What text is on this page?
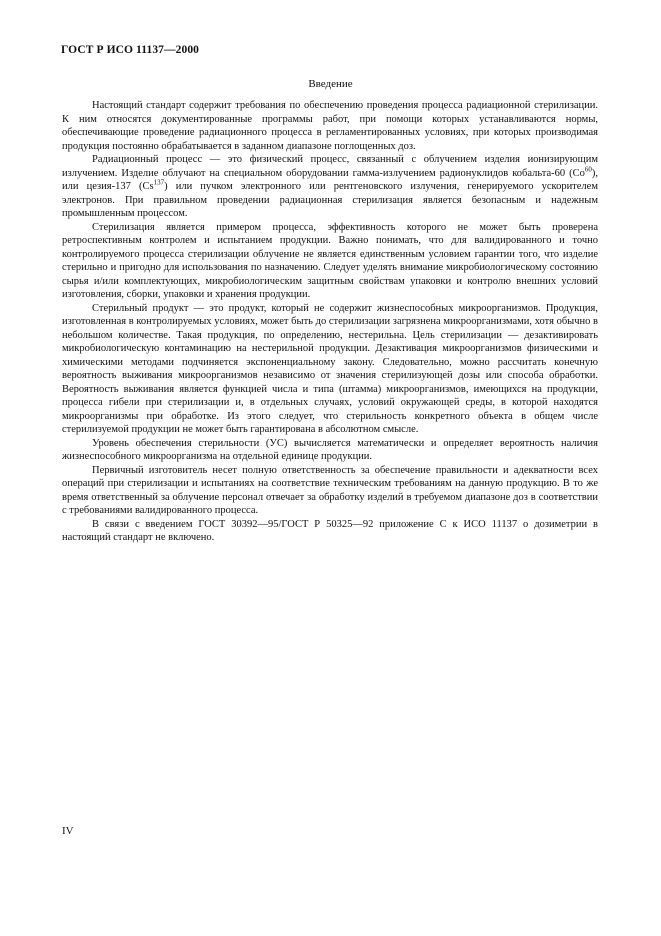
ГОСТ Р ИСО 11137—2000
Введение

Настоящий стандарт содержит требования по обеспечению проведения процесса радиационной стерилизации. К ним относятся документированные программы работ, при помощи которых устанавливаются нормы, обеспечивающие проведение радиационного процесса в регламентированных условиях, при которых производимая продукция постоянно обрабатывается в заданном диапазоне поглощенных доз.

Радиационный процесс — это физический процесс, связанный с облучением изделия ионизирующим излучением. Изделие облучают на специальном оборудовании гамма-излучением радионуклидов кобальта-60 (Co$^{60}$), или цезия-137 (Cs$^{137}$) или пучком электронного или рентгеновского излучения, генерируемого ускорителем электронов. При правильном проведении радиационная стерилизация является безопасным и надежным промышленным процессом.

Стерилизация является примером процесса, эффективность которого не может быть проверена ретроспективным контролем и испытанием продукции. Важно понимать, что для валидированного и точно контролируемого процесса стерилизации облучение не является единственным условием гарантии того, что изделие стерильно и пригодно для использования по назначению. Следует уделять внимание микробиологическому состоянию сырья и/или комплектующих, микробиологическим защитным свойствам упаковки и контролю внешних условий изготовления, сборки, упаковки и хранения продукции.

Стерильный продукт — это продукт, который не содержит жизнеспособных микроорганизмов. Продукция, изготовленная в контролируемых условиях, может быть до стерилизации загрязнена микроорганизмами, хотя обычно в небольшом количестве. Такая продукция, по определению, нестерильна. Цель стерилизации — дезактивировать микробиологическую контаминацию на нестерильной продукции. Дезактивация микроорганизмов физическими и химическими методами подчиняется экспоненциальному закону. Следовательно, можно рассчитать конечную вероятность выживания микроорганизмов независимо от значения стерилизующей дозы или способа обработки. Вероятность выживания является функцией числа и типа (штамма) микроорганизмов, имеющихся на продукции, процесса гибели при стерилизации и, в отдельных случаях, условий окружающей среды, в которой находятся микроорганизмы при обработке. Из этого следует, что стерильность конкретного объекта в общем числе стерилизуемой продукции не может быть гарантирована в абсолютном смысле.

Уровень обеспечения стерильности (УС) вычисляется математически и определяет вероятность наличия жизнеспособного микроорганизма на отдельной единице продукции.

Первичный изготовитель несет полную ответственность за обеспечение правильности и адекватности всех операций при стерилизации и испытаниях на соответствие техническим требованиям на данную продукцию. В то же время ответственный за облучение персонал отвечает за обработку изделий в требуемом диапазоне доз в соответствии с требованиями валидированного процесса.

В связи с введением ГОСТ 30392—95/ГОСТ Р 50325—92 приложение С к ИСО 11137 о дозиметрии в настоящий стандарт не включено.

IV
